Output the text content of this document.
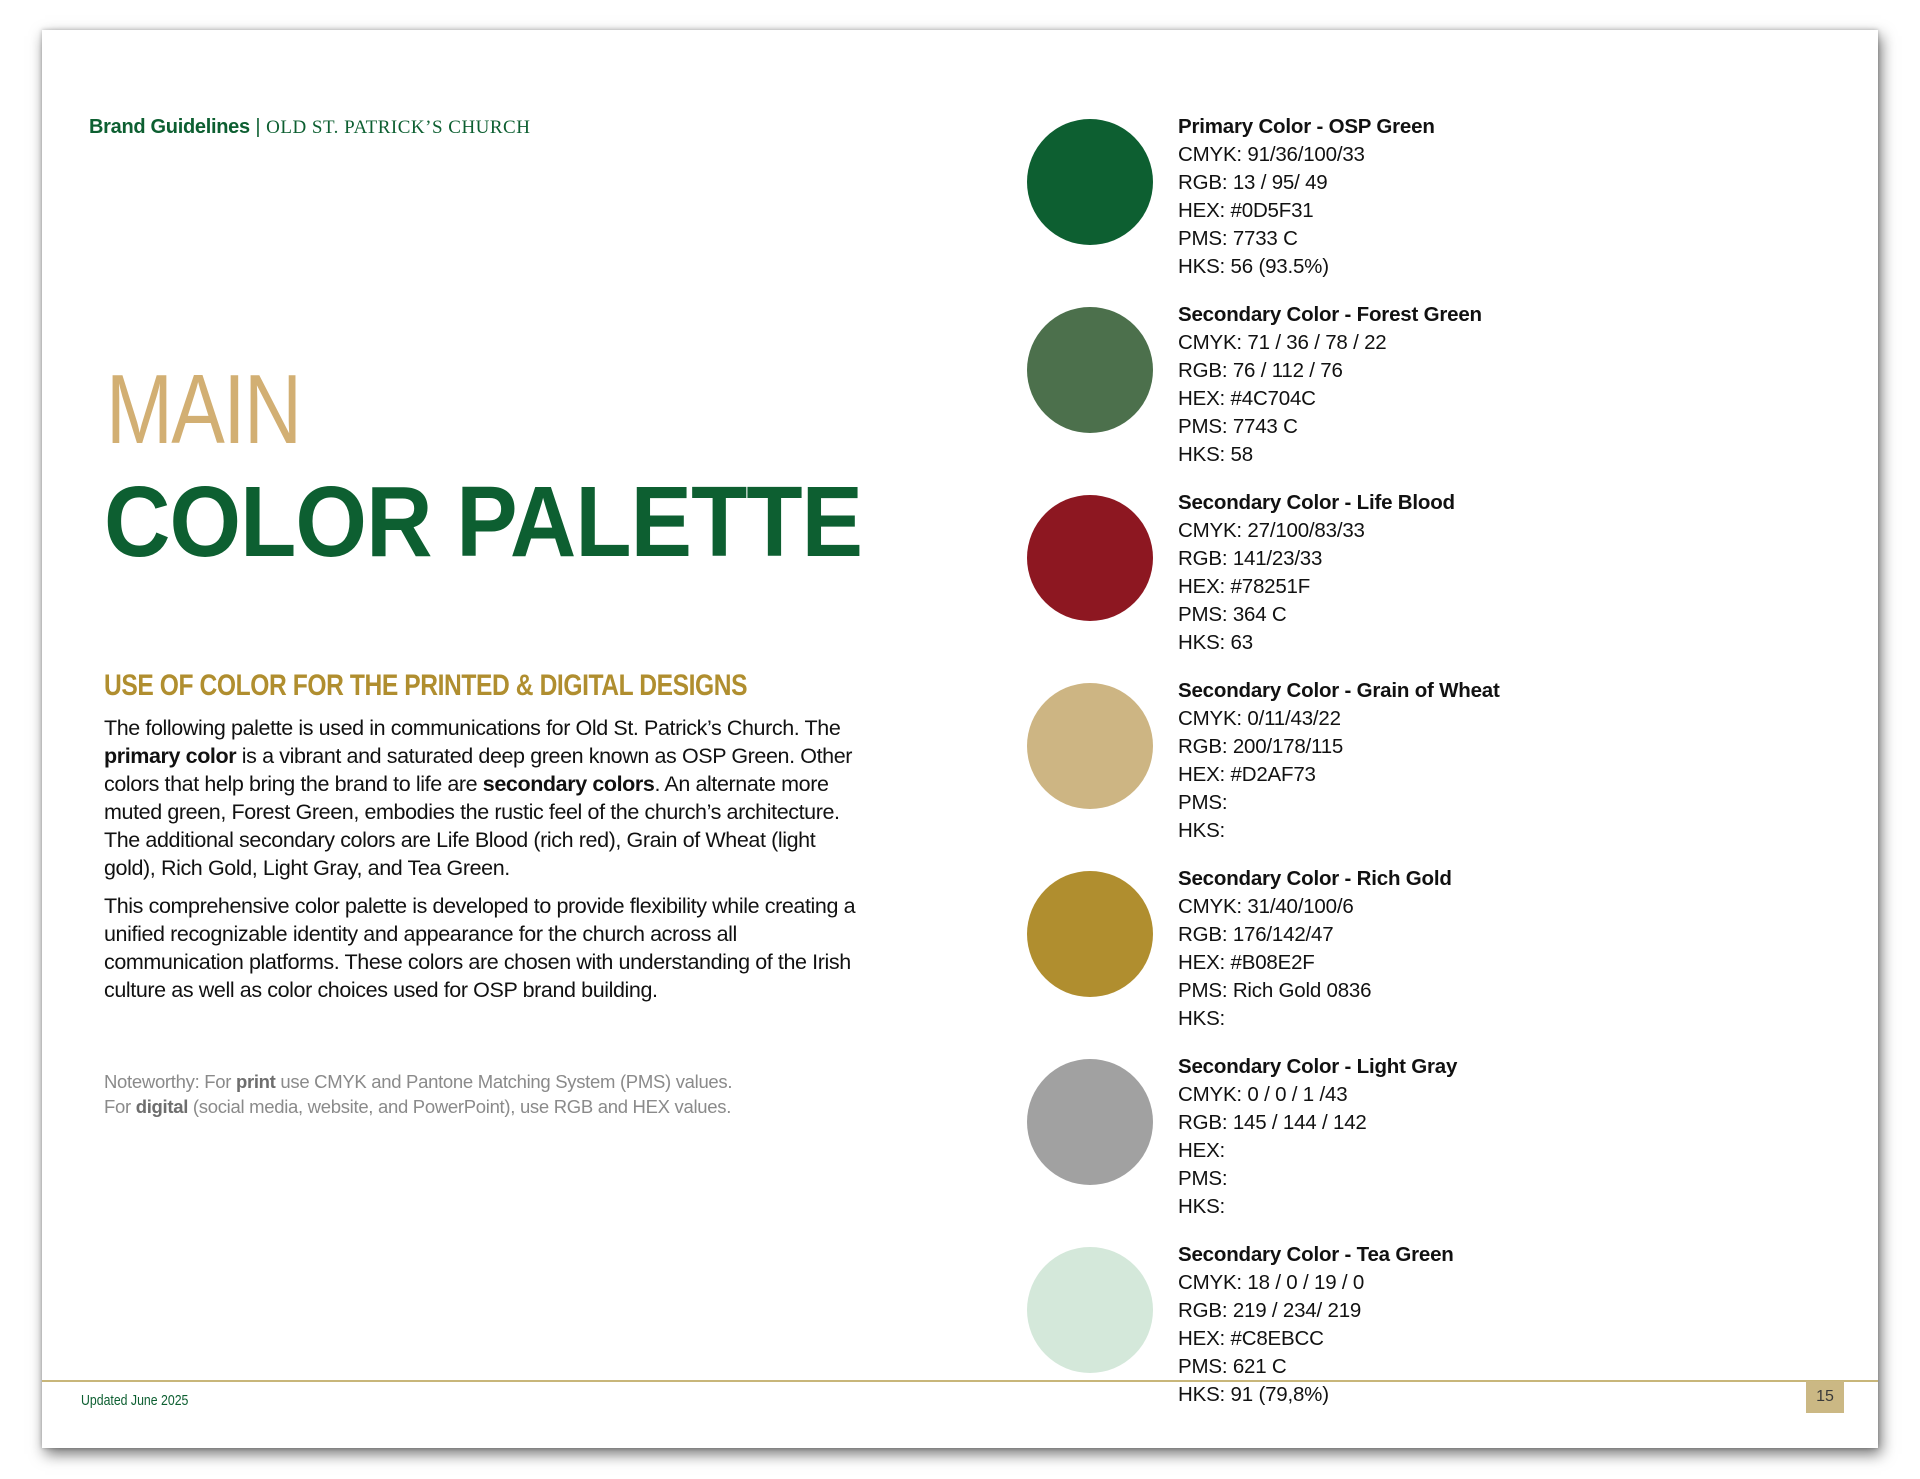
Brand Guidelines | OLD ST. PATRICK’S CHURCH
MAIN
COLOR PALETTE
USE OF COLOR FOR THE PRINTED & DIGITAL DESIGNS

The following palette is used in communications for Old St. Patrick’s Church. The primary color is a vibrant and saturated deep green known as OSP Green. Other colors that help bring the brand to life are secondary colors. An alternate more muted green, Forest Green, embodies the rustic feel of the church’s architecture. The additional secondary colors are Life Blood (rich red), Grain of Wheat (light gold), Rich Gold, Light Gray, and Tea Green.

This comprehensive color palette is developed to provide flexibility while creating a unified recognizable identity and appearance for the church across all communication platforms. These colors are chosen with understanding of the Irish culture as well as color choices used for OSP brand building.

Noteworthy: For print use CMYK and Pantone Matching System (PMS) values.
For digital (social media, website, and PowerPoint), use RGB and HEX values.
Primary Color - OSP Green
CMYK: 91/36/100/33
RGB: 13 / 95/ 49
HEX: #0D5F31
PMS: 7733 C
HKS: 56 (93.5%)
Secondary Color - Forest Green
CMYK: 71 / 36 / 78 / 22
RGB: 76 / 112 / 76
HEX: #4C704C
PMS: 7743 C
HKS: 58
Secondary Color - Life Blood
CMYK: 27/100/83/33
RGB: 141/23/33
HEX: #78251F
PMS: 364 C
HKS: 63
Secondary Color - Grain of Wheat
CMYK: 0/11/43/22
RGB: 200/178/115
HEX: #D2AF73
PMS:
HKS:
Secondary Color - Rich Gold
CMYK: 31/40/100/6
RGB: 176/142/47
HEX: #B08E2F
PMS: Rich Gold 0836
HKS:
Secondary Color - Light Gray
CMYK: 0 / 0 / 1 /43
RGB: 145 / 144 / 142
HEX:
PMS:
HKS:
Secondary Color - Tea Green
CMYK: 18 / 0 / 19 / 0
RGB: 219 / 234/ 219
HEX: #C8EBCC
PMS: 621 C
HKS: 91 (79,8%)
Updated June 2025	15
